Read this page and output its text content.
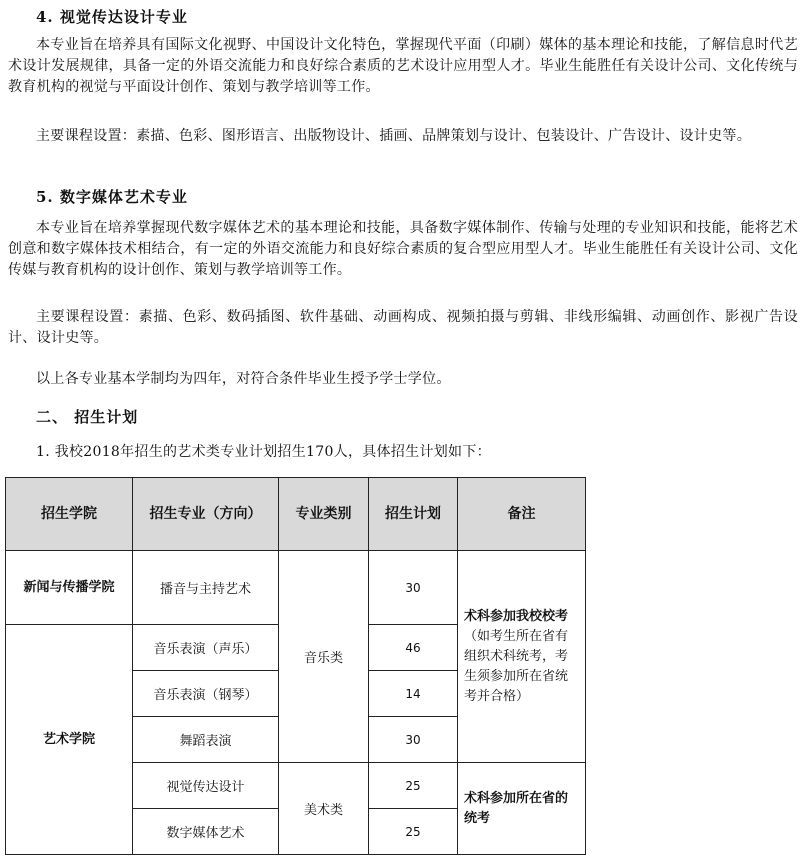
4. 视觉传达设计专业
本专业旨在培养具有国际文化视野、中国设计文化特色，掌握现代平面（印刷）媒体的基本理论和技能，了解信息时代艺术设计发展规律，具备一定的外语交流能力和良好综合素质的艺术设计应用型人才。毕业生能胜任有关设计公司、文化传统与教育机构的视觉与平面设计创作、策划与教学培训等工作。
主要课程设置：素描、色彩、图形语言、出版物设计、插画、品牌策划与设计、包装设计、广告设计、设计史等。
5. 数字媒体艺术专业
本专业旨在培养掌握现代数字媒体艺术的基本理论和技能，具备数字媒体制作、传输与处理的专业知识和技能，能将艺术创意和数字媒体技术相结合，有一定的外语交流能力和良好综合素质的复合型应用型人才。毕业生能胜任有关设计公司、文化传媒与教育机构的设计创作、策划与教学培训等工作。
主要课程设置：素描、色彩、数码插图、软件基础、动画构成、视频拍摄与剪辑、非线形编辑、动画创作、影视广告设计、设计史等。
以上各专业基本学制均为四年，对符合条件毕业生授予学士学位。
二、 招生计划
1. 我校2018年招生的艺术类专业计划招生170人，具体招生计划如下：
招生学院	招生专业（方向）	专业类别	招生计划	备注
新闻与传播学院	播音与主持艺术	音乐类	30	术科参加我校校考（如考生所在省有组织术科统考，考生须参加所在省统考并合格）
艺术学院	音乐表演（声乐）		46	
	音乐表演（钢琴）		14	
	舞蹈表演		30	
	视觉传达设计	美术类	25	术科参加所在省的统考
	数字媒体艺术		25	
